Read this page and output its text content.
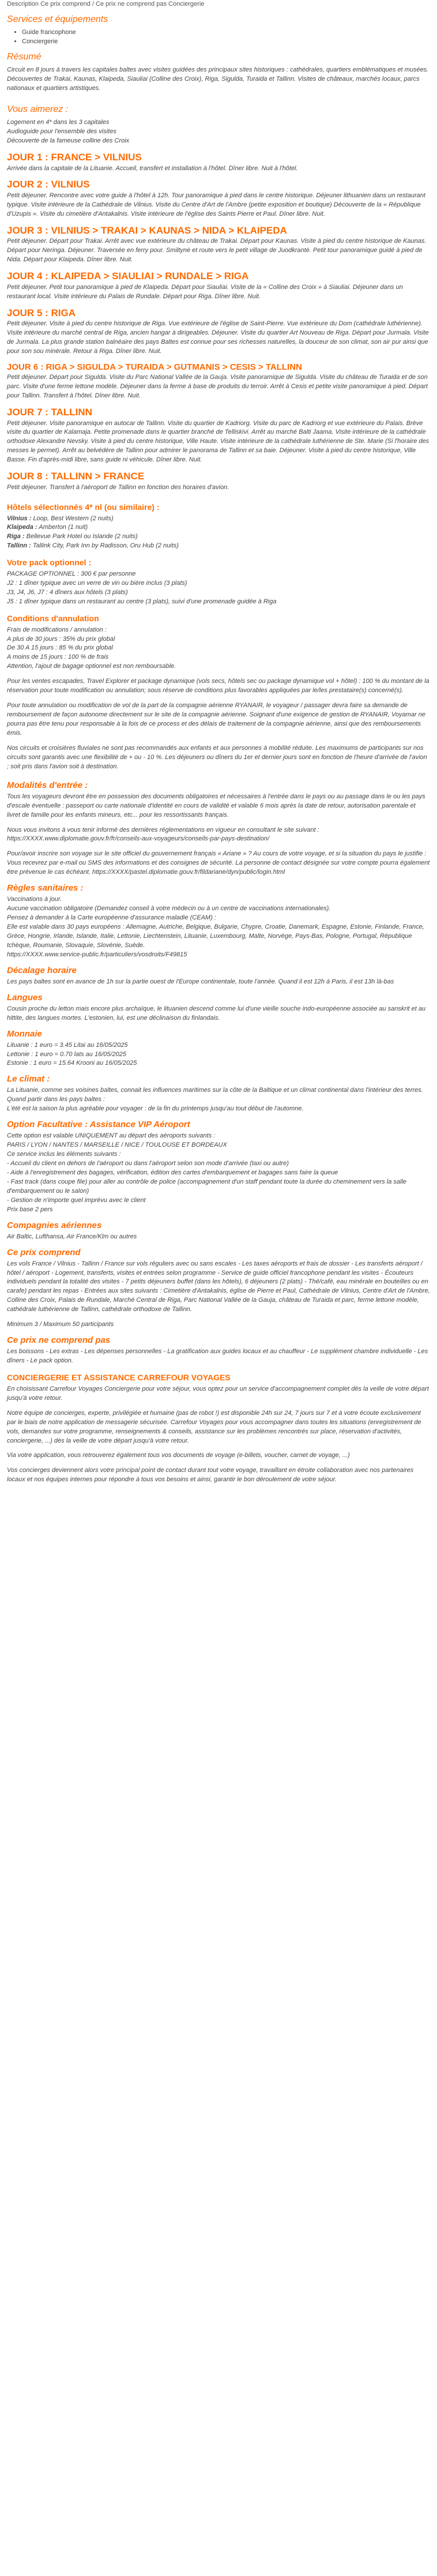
Description Ce prix comprend / Ce prix ne comprend pas Conciergerie

Services et équipements
• Guide francophone
• Conciergerie
Résumé

Circuit en 8 jours à travers les capitales baltes avec visites guidées des principaux sites historiques : cathédrales, quartiers emblématiques et musées. Découvertes de Trakai, Kaunas, Klaipeda, Siauliai (Colline des Croix), Riga, Sigulda, Turaida et Tallinn. Visites de châteaux, marchés locaux, parcs nationaux et quartiers artistiques.

Vous aimerez :

Logement en 4* dans les 3 capitales

Audioguide pour l'ensemble des visites

Découverte de la fameuse colline des Croix

JOUR 1 : FRANCE > VILNIUS

Arrivée dans la capitale de la Lituanie. Accueil, transfert et installation à l'hôtel. Dîner libre. Nuit à l'hôtel.

JOUR 2 : VILNIUS

Petit déjeuner. Rencontre avec votre guide à l'hôtel à 12h. Tour panoramique à pied dans le centre historique. Déjeuner lithuanien dans un restaurant typique. Visite intérieure de la Cathédrale de Vilnius. Visite du Centre d'Art de l'Ambre (petite exposition et boutique) Découverte de la « République d'Uzupis ». Visite du cimetière d'Antakalnis. Visite intérieure de l'église des Saints Pierre et Paul. Dîner libre. Nuit.

JOUR 3 : VILNIUS > TRAKAI > KAUNAS > NIDA > KLAIPEDA

Petit déjeuner. Départ pour Trakai. Arrêt avec vue extérieure du château de Trakai. Départ pour Kaunas. Visite à pied du centre historique de Kaunas. Départ pour Neringa. Déjeuner. Traversée en ferry pour. Smiltynė et route vers le petit village de Juodkrantė. Petit tour panoramique guidé à pied de Nida. Départ pour Klaipeda. Dîner libre. Nuit.

JOUR 4 : KLAIPEDA > SIAULIAI > RUNDALE > RIGA

Petit déjeuner. Petit tour panoramique à pied de Klaipeda. Départ pour Siauliai. Visite de la « Colline des Croix » à Siauliai. Déjeuner dans un restaurant local. Visite intérieure du Palais de Rundale. Départ pour Riga. Dîner libre. Nuit.

JOUR 5 : RIGA

Petit déjeuner. Visite à pied du centre historique de Riga. Vue extérieure de l'église de Saint-Pierre. Vue extérieure du Dom (cathédrale luthérienne). Visite intérieure du marché central de Riga, ancien hangar à dirigeables. Déjeuner. Visite du quartier Art Nouveau de Riga. Départ pour Jurmala. Visite de Jurmala. La plus grande station balnéaire des pays Baltes est connue pour ses richesses naturelles, la douceur de son climat, son air pur ainsi que pour son sou minérale. Retour à Riga. Dîner libre. Nuit.

JOUR 6 : RIGA > SIGULDA > TURAIDA > GUTMANIS > CESIS > TALLINN

Petit déjeuner. Départ pour Sigulda. Visite du Parc National Vallée de la Gauja. Visite panoramique de Sigulda. Visite du château de Turaida et de son parc. Visite d'une ferme lettone modèle. Déjeuner dans la ferme à base de produits du terroir. Arrêt à Cesis et petite visite panoramique à pied. Départ pour Tallinn. Transfert à l'hôtel. Dîner libre. Nuit.

JOUR 7 : TALLINN

Petit déjeuner. Visite panoramique en autocar de Tallinn. Visite du quartier de Kadriorg. Visite du parc de Kadriorg et vue extérieure du Palais. Brève visite du quartier de Kalamaja. Petite promenade dans le quartier branché de Telliskivi. Arrêt au marché Balti Jaama. Visite intérieure de la cathédrale orthodoxe Alexandre Nevsky. Visite à pied du centre historique, Ville Haute. Visite intérieure de la cathédrale luthérienne de Ste. Marie (Si l'horaire des messes le permet). Arrêt au belvédère de Tallinn pour admirer le panorama de Tallinn et sa baie. Déjeuner. Visite à pied du centre historique, Ville Basse. Fin d'après-midi libre, sans guide ni véhicule. Dîner libre. Nuit.

JOUR 8 : TALLINN > FRANCE

Petit déjeuner. Transfert à l'aéroport de Tallinn en fonction des horaires d'avion.

Hôtels sélectionnés 4* nl (ou similaire) :

Vilnius : Loop, Best Western (2 nuits)

Klaipeda : Amberton (1 nuit)

Riga : Bellevue Park Hotel ou Islande (2 nuits)

Tallinn : Tallink City, Park Inn by Radisson, Oru Hub (2 nuits)

Votre pack optionnel :

PACKAGE OPTIONNEL : 300 € par personne

J2 : 1 dîner typique avec un verre de vin ou bière inclus (3 plats)

J3, J4, J6, J7 : 4 dîners aux hôtels (3 plats)

J5 : 1 dîner typique dans un restaurant au centre (3 plats), suivi d'une promenade guidée à Riga

Conditions d'annulation

Frais de modifications / annulation :

A plus de 30 jours : 35% du prix global

De 30 A 15 jours : 85 % du prix global

A moins de 15 jours : 100 % de frais

Attention, l'ajout de bagage optionnel est non remboursable.

Pour les ventes escapades, Travel Explorer et package dynamique (vols secs, hôtels sec ou package dynamique vol + hôtel) : 100 % du montant de la réservation pour toute modification ou annulation; sous réserve de conditions plus favorables appliquées par le/les prestataire(s) concerné(s).

Pour toute annulation ou modification de vol de la part de la compagnie aérienne RYANAIR, le voyageur / passager devra faire sa demande de remboursement de façon autonome directement sur le site de la compagnie aérienne. Soignant d'une exigence de gestion de RYANAIR, Voyamar ne pourra pas être tenu pour responsable à la fois de ce process et des délais de traitement de la compagnie aérienne, ainsi que des remboursements émis.

Nos circuits et croisières fluviales ne sont pas recommandés aux enfants et aux personnes à mobilité réduite. Les maximums de participants sur nos circuits sont garantis avec une flexibilité de + ou - 10 %. Les déjeuners ou dîners du 1er et dernier jours sont en fonction de l'heure d'arrivée de l'avion ; soit pris dans l'avion soit à destination.

Modalités d'entrée :

Tous les voyageurs devront être en possession des documents obligatoires et nécessaires à l'entrée dans le pays ou au passage dans le ou les pays d'escale éventuelle : passeport ou carte nationale d'identité en cours de validité et valable 6 mois après la date de retour, autorisation parentale et livret de famille pour les enfants mineurs, etc... pour les ressortissants français.

Nous vous invitons à vous tenir informé des dernières réglementations en vigueur en consultant le site suivant : https://XXXX.www.diplomatie.gouv.fr/fr/conseils-aux-voyageurs/conseils-par-pays-destination/

Pour/avoir inscrire son voyage sur le site officiel du gouvernement français « Ariane » ? Au cours de votre voyage, et si la situation du pays le justifie : Vous recevrez par e-mail ou SMS des informations et des consignes de sécurité. La personne de contact désignée sur votre compte pourra également être prévenue le cas échéant. https://XXXX/pastel.diplomatie.gouv.fr/fildariane/dyn/public/login.html

Règles sanitaires :

Vaccinations à jour.

Aucune vaccination obligatoire (Demandez conseil à votre médecin ou à un centre de vaccinations internationales).

Pensez à demander à la Carte européenne d'assurance maladie (CEAM) :

Elle est valable dans 30 pays européens : Allemagne, Autriche, Belgique, Bulgarie, Chypre, Croatie, Danemark, Espagne, Estonie, Finlande, France, Grèce, Hongrie, Irlande, Islande, Italie, Lettonie, Liechtenstein, Lituanie, Luxembourg, Malte, Norvège, Pays-Bas, Pologne, Portugal, République tchèque, Roumanie, Slovaquie, Slovénie, Suède.

https://XXXX.www.service-public.fr/particuliers/vosdroits/F49815

Décalage horaire

Les pays baltes sont en avance de 1h sur la partie ouest de l'Europe continentale, toute l'année. Quand il est 12h à Paris, il est 13h là-bas

Langues

Cousin proche du letton mais encore plus archaïque, le lituanien descend comme lui d'une vieille souche indo-européenne associée au sanskrit et au hittite, des langues mortes. L'estonien, lui, est une déclinaison du finlandais.

Monnaie

Lituanie : 1 euro = 3.45 Litai au 16/05/2025

Lettonie : 1 euro = 0.70 lats au 16/05/2025

Estonie : 1 euro = 15.64 Krooni au 16/05/2025

Le climat :

La Lituanie, comme ses voisines baltes, connait les influences maritimes sur la côte de la Baltique et un climat continental dans l'intérieur des terres.

Quand partir dans les pays baltes :

L'été est la saison la plus agréable pour voyager : de la fin du printemps jusqu'au tout début de l'automne.

Option Facultative : Assistance VIP Aéroport

Cette option est valable UNIQUEMENT au départ des aéroports suivants :

PARIS / LYON / NANTES / MARSEILLE / NICE / TOULOUSE ET BORDEAUX

Ce service inclus les éléments suivants :

- Accueil du client en dehors de l'aéroport ou dans l'aéroport selon son mode d'arrivée (taxi ou autre)

- Aide à l'enregistrement des bagages, vérification, édition des cartes d'embarquement et bagages sans faire la queue

- Fast track (dans coupe file) pour aller au contrôle de police (accompagnement d'un staff pendant toute la durée du cheminement vers la salle d'embarquement ou le salon)

- Gestion de n'importe quel imprévu avec le client

Prix base 2 pers

Compagnies aériennes

Air Baltic, Lufthansa, Air France/Klm ou autres

Ce prix comprend

Les vols France / Vilnius - Tallinn / France sur vols réguliers avec ou sans escales - Les taxes aéroports et frais de dossier - Les transferts aéroport / hôtel / aéroport - Logement, transferts, visites et entrées selon programme - Service de guide officiel francophone pendant les visites - Écouteurs individuels pendant la totalité des visites - 7 petits déjeuners buffet (dans les hôtels), 6 déjeuners (2 plats) - Thé/café, eau minérale en bouteilles ou en carafe) pendant les repas - Entrées aux sites suivants : Cimetière d'Antakalnis, église de Pierre et Paul, Cathédrale de Vilnius, Centre d'Art de l'Ambre, Colline des Croix, Palais de Rundale, Marché Central de Riga, Parc National Vallée de la Gauja, château de Turaida et parc, ferme lettone modèle, cathédrale luthérienne de Tallinn, cathédrale orthodoxe de Tallinn.

Minimum 3 / Maximum 50 participants

Ce prix ne comprend pas

Les boissons - Les extras - Les dépenses personnelles - La gratification aux guides locaux et au chauffeur - Le supplément chambre individuelle - Les dîners - Le pack option.

CONCIERGERIE ET ASSISTANCE CARREFOUR VOYAGES

En choisissant Carrefour Voyages Conciergerie pour votre séjour, vous optez pour un service d'accompagnement complet dès la veille de votre départ jusqu'à votre retour.

Notre équipe de concierges, experte, privilégiée et humaine (pas de robot !) est disponible 24h sur 24, 7 jours sur 7 et à votre écoute exclusivement par le biais de notre application de messagerie sécurisée. Carrefour Voyages pour vous accompagner dans toutes les situations (enregistrement de vols, demandes sur votre programme, renseignements & conseils, assistance sur les problèmes rencontrés sur place, réservation d'activités, conciergerie, ...) dès la veille de votre départ jusqu'à votre retour.

Via votre application, vous retrouverez également tous vos documents de voyage (e-billets, voucher, carnet de voyage, ...)

Vos concierges deviennent alors votre principal point de contact durant tout votre voyage, travaillant en étroite collaboration avec nos partenaires locaux et nos équipes internes pour répondre à tous vos besoins et ainsi, garantir le bon déroulement de votre séjour.
